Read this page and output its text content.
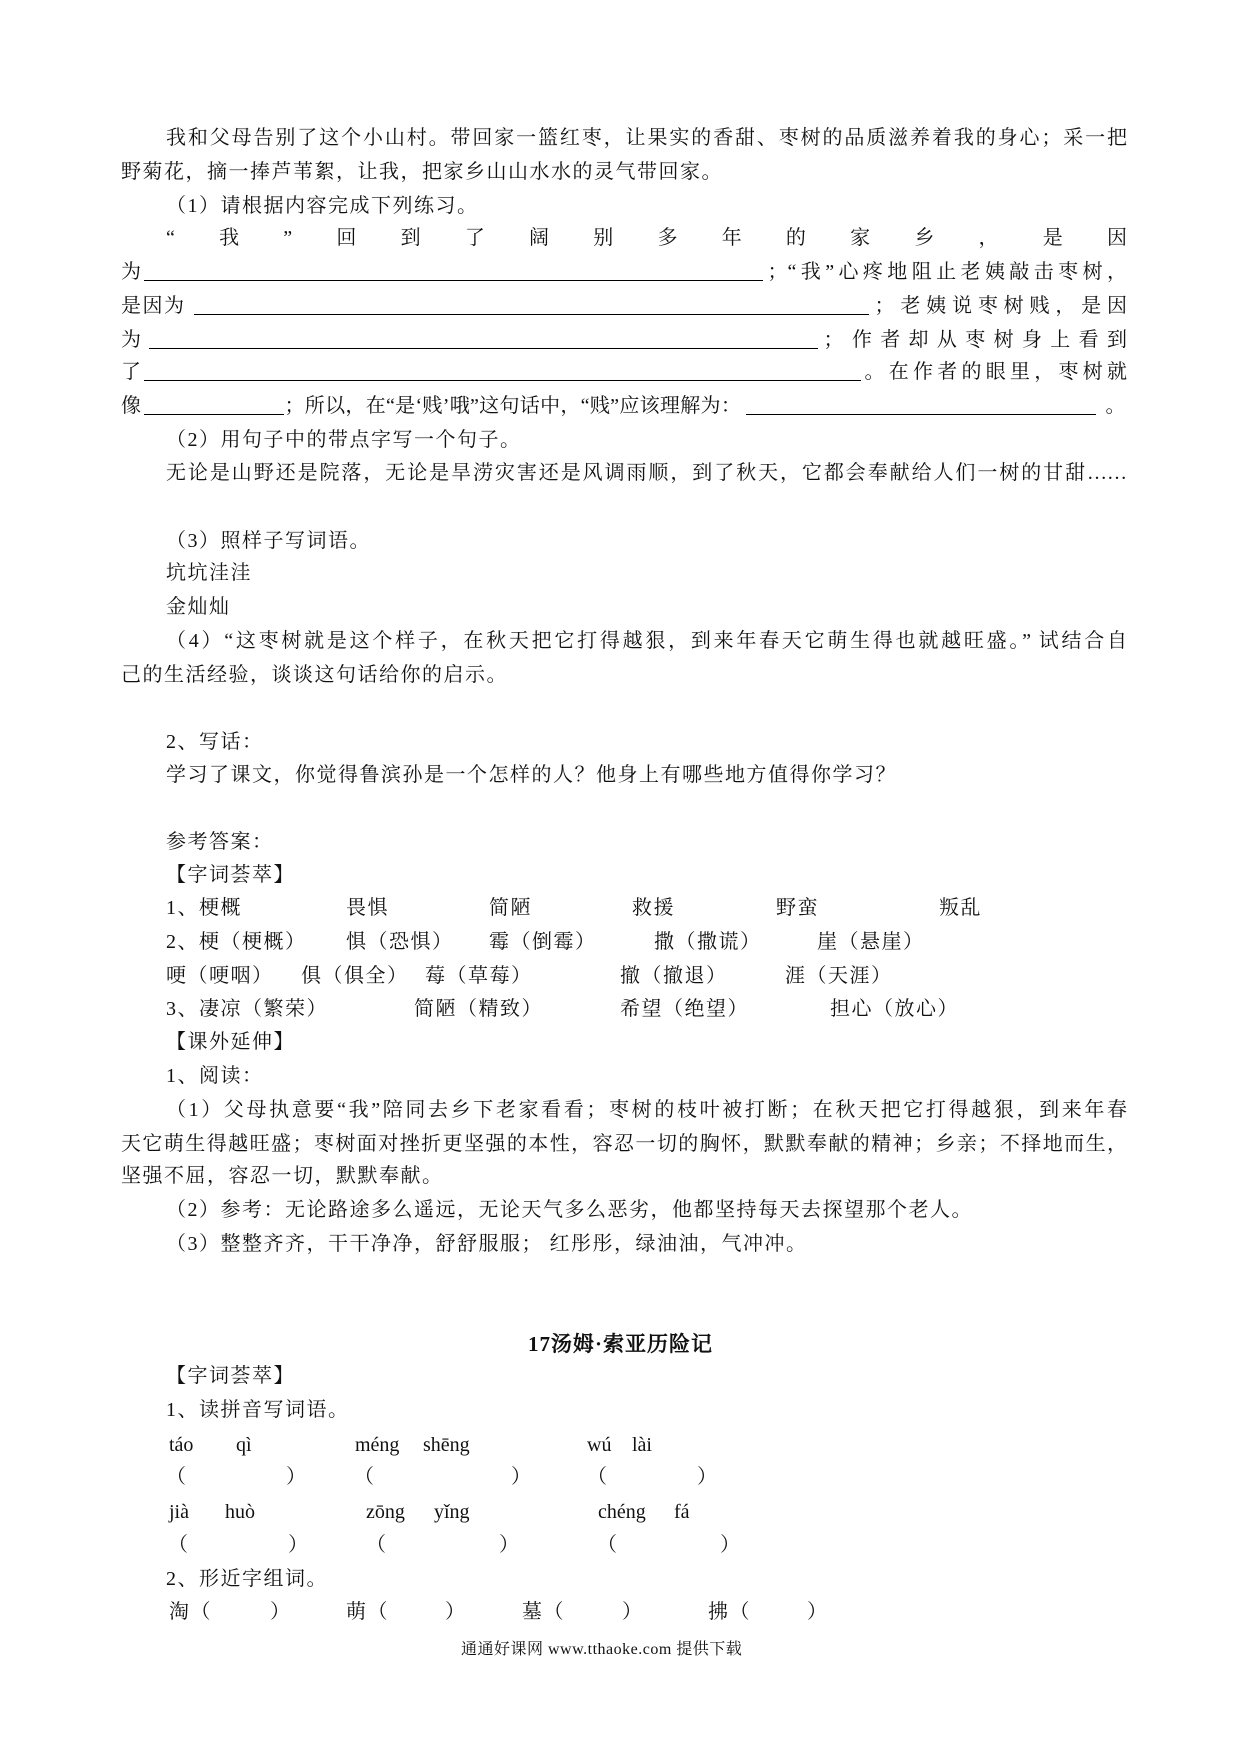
我和父母告别了这个小山村。带回家一篮红枣，让果实的香甜、枣树的品质滋养着我的身心；采一把
野菊花，摘一捧芦苇絮，让我，把家乡山山水水的灵气带回家。
（1）请根据内容完成下列练习。
“我”回到了阔别多年的家乡，是因
为	；“我”心疼地阻止老姨敲击枣树，
是因为	；老姨说枣树贱，是因
为	；作者却从枣树身上看到
了	。在作者的眼里，枣树就
像	；所以，在“是‘贱’哦”这句话中，“贱”应该理解为：	。
（2）用句子中的带点字写一个句子。
无论是山野还是院落，无论是旱涝灾害还是风调雨顺，到了秋天，它都会奉献给人们一树的甘甜……
（3）照样子写词语。
坑坑洼洼
金灿灿
（4）“这枣树就是这个样子，在秋天把它打得越狠，到来年春天它萌生得也就越旺盛。” 试结合自
己的生活经验，谈谈这句话给你的启示。
2、写话：
学习了课文，你觉得鲁滨孙是一个怎样的人？他身上有哪些地方值得你学习？
参考答案：
【字词荟萃】
1、梗概	畏惧	简陋	救援	野蛮	叛乱
2、梗（梗概） 惧（恐惧） 霉（倒霉）	撒（撒谎）	崖（悬崖）
哽（哽咽） 俱（俱全） 莓（草莓）	撤（撤退）	涯（天涯）
3、凄凉（繁荣）	简陋（精致）	希望（绝望）	担心（放心）
【课外延伸】
1、阅读：
（1）父母执意要“我”陪同去乡下老家看看；枣树的枝叶被打断；在秋天把它打得越狠，到来年春
天它萌生得越旺盛；枣树面对挫折更坚强的本性，容忍一切的胸怀，默默奉献的精神；乡亲；不择地而生，
坚强不屈，容忍一切，默默奉献。
（2）参考：无论路途多么遥远，无论天气多么恶劣，他都坚持每天去探望那个老人。
（3）整整齐齐，干干净净，舒舒服服； 红彤彤，绿油油，气冲冲。
17汤姆·索亚历险记
【字词荟萃】
1、读拼音写词语。
táo qì	méng shēng	wú lài
（	） （	）	（	）
jià huò	zōng yǐng	chéng fá
（	）	（	）	（	）
2、形近字组词。
淘（	）	萌（	）	墓（	）	拂（	）
通通好课网 www.tthaoke.com 提供下载
